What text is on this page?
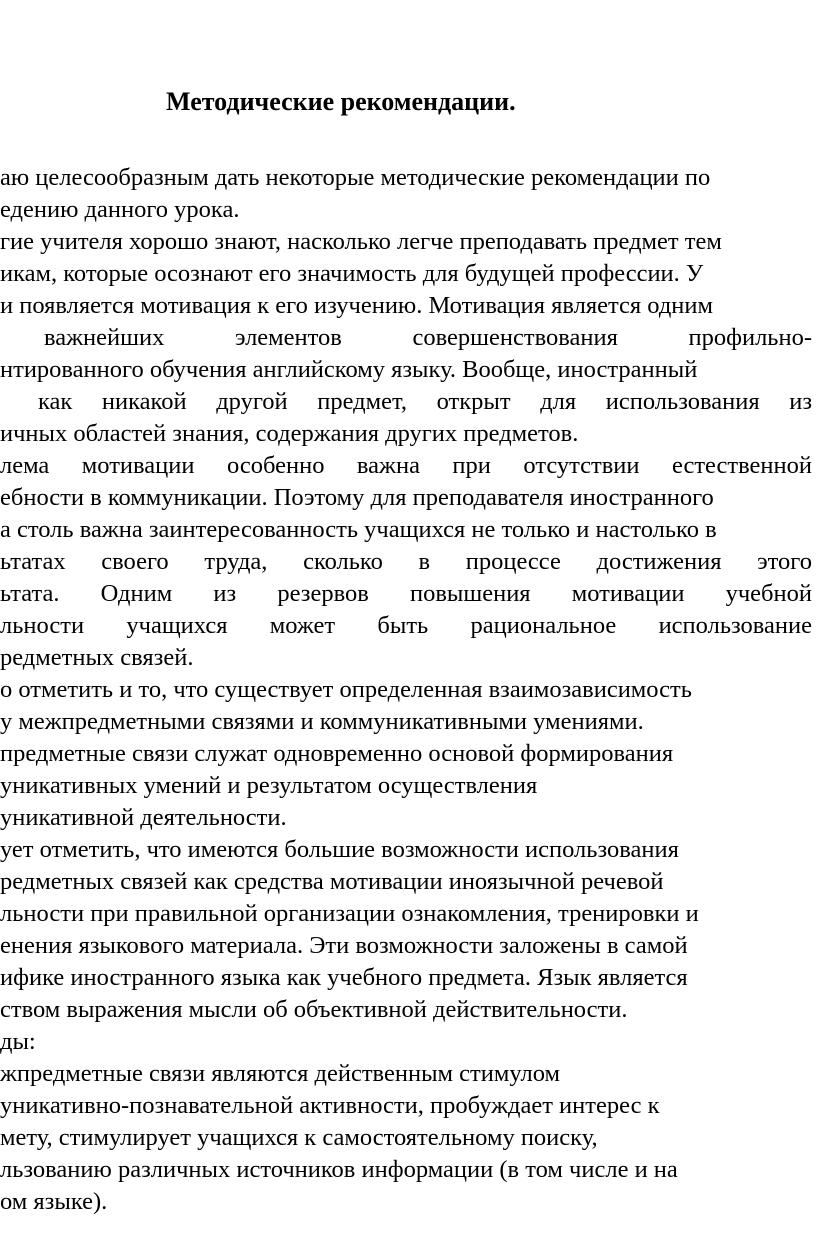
Методические рекомендации.
аю целесообразным дать некоторые методические рекомендации по
едению данного урока.
гие учителя хорошо знают, насколько легче преподавать предмет тем
икам, которые осознают его значимость для будущей профессии. У
и появляется мотивация к его изучению. Мотивация является одним
важнейших элементов совершенствования профильно-
нтированного обучения английскому языку. Вообще, иностранный
как никакой другой предмет, открыт для использования из
ичных областей знания, содержания других предметов.
лема мотивации особенно важна при отсутствии естественной
ебности в коммуникации. Поэтому для преподавателя иностранного
а столь важна заинтересованность учащихся не только и настолько в
ьтатах своего труда, сколько в процессе достижения этого
ьтата. Одним из резервов повышения мотивации учебной
льности учащихся может быть рациональное использование
редметных связей.
о отметить и то, что существует определенная взаимозависимость
у межпредметными связями и коммуникативными умениями.
предметные связи служат одновременно основой формирования
уникативных умений и результатом осуществления
уникативной деятельности.
ует отметить, что имеются большие возможности использования
редметных связей как средства мотивации иноязычной речевой
льности при правильной организации ознакомления, тренировки и
енения языкового материала. Эти возможности заложены в самой
ифике иностранного языка как учебного предмета. Язык является
ством выражения мысли об объективной действительности.
ды:
жпредметные связи являются действенным стимулом
уникативно-познавательной активности, пробуждает интерес к
мету, стимулирует учащихся к самостоятельному поиску,
льзованию различных источников информации (в том числе и на
ом языке).
